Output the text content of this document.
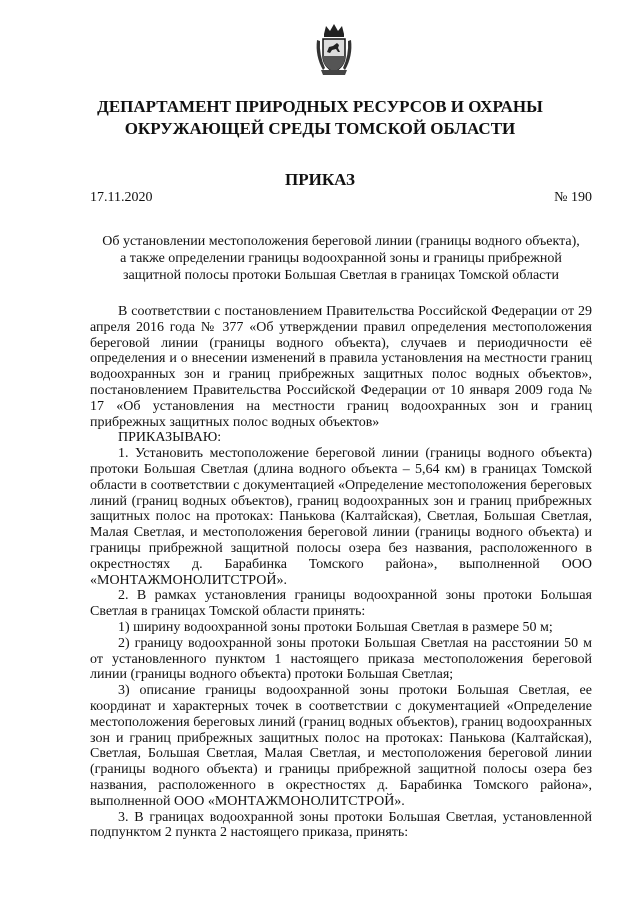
ДЕПАРТАМЕНТ ПРИРОДНЫХ РЕСУРСОВ И ОХРАНЫ
ОКРУЖАЮЩЕЙ СРЕДЫ ТОМСКОЙ ОБЛАСТИ
ПРИКАЗ
17.11.2020	№ 190
Об установлении местоположения береговой линии (границы водного объекта),
а также определении границы водоохранной зоны и границы прибрежной
защитной полосы протоки Большая Светлая в границах Томской области

В соответствии с постановлением Правительства Российской Федерации от 29 апреля 2016 года № 377 «Об утверждении правил определения местоположения береговой линии (границы водного объекта), случаев и периодичности её определения и о внесении изменений в правила установления на местности границ водоохранных зон и границ прибрежных защитных полос водных объектов», постановлением Правительства Российской Федерации от 10 января 2009 года № 17 «Об установления на местности границ водоохранных зон и границ прибрежных защитных полос водных объектов»

ПРИКАЗЫВАЮ:

1. Установить местоположение береговой линии (границы водного объекта) протоки Большая Светлая (длина водного объекта – 5,64 км) в границах Томской области в соответствии с документацией «Определение местоположения береговых линий (границ водных объектов), границ водоохранных зон и границ прибрежных защитных полос на протоках: Панькова (Калтайская), Светлая, Большая Светлая, Малая Светлая, и местоположения береговой линии (границы водного объекта) и границы прибрежной защитной полосы озера без названия, расположенного в окрестностях д. Барабинка Томского района», выполненной ООО «МОНТАЖМОНОЛИТСТРОЙ».

2. В рамках установления границы водоохранной зоны протоки Большая Светлая в границах Томской области принять:

1) ширину водоохранной зоны протоки Большая Светлая в размере 50 м;

2) границу водоохранной зоны протоки Большая Светлая на расстоянии 50 м от установленного пунктом 1 настоящего приказа местоположения береговой линии (границы водного объекта) протоки Большая Светлая;

3) описание границы водоохранной зоны протоки Большая Светлая, ее координат и характерных точек в соответствии с документацией «Определение местоположения береговых линий (границ водных объектов), границ водоохранных зон и границ прибрежных защитных полос на протоках: Панькова (Калтайская), Светлая, Большая Светлая, Малая Светлая, и местоположения береговой линии (границы водного объекта) и границы прибрежной защитной полосы озера без названия, расположенного в окрестностях д. Барабинка Томского района», выполненной ООО «МОНТАЖМОНОЛИТСТРОЙ».

3. В границах водоохранной зоны протоки Большая Светлая, установленной подпунктом 2 пункта 2 настоящего приказа, принять:
